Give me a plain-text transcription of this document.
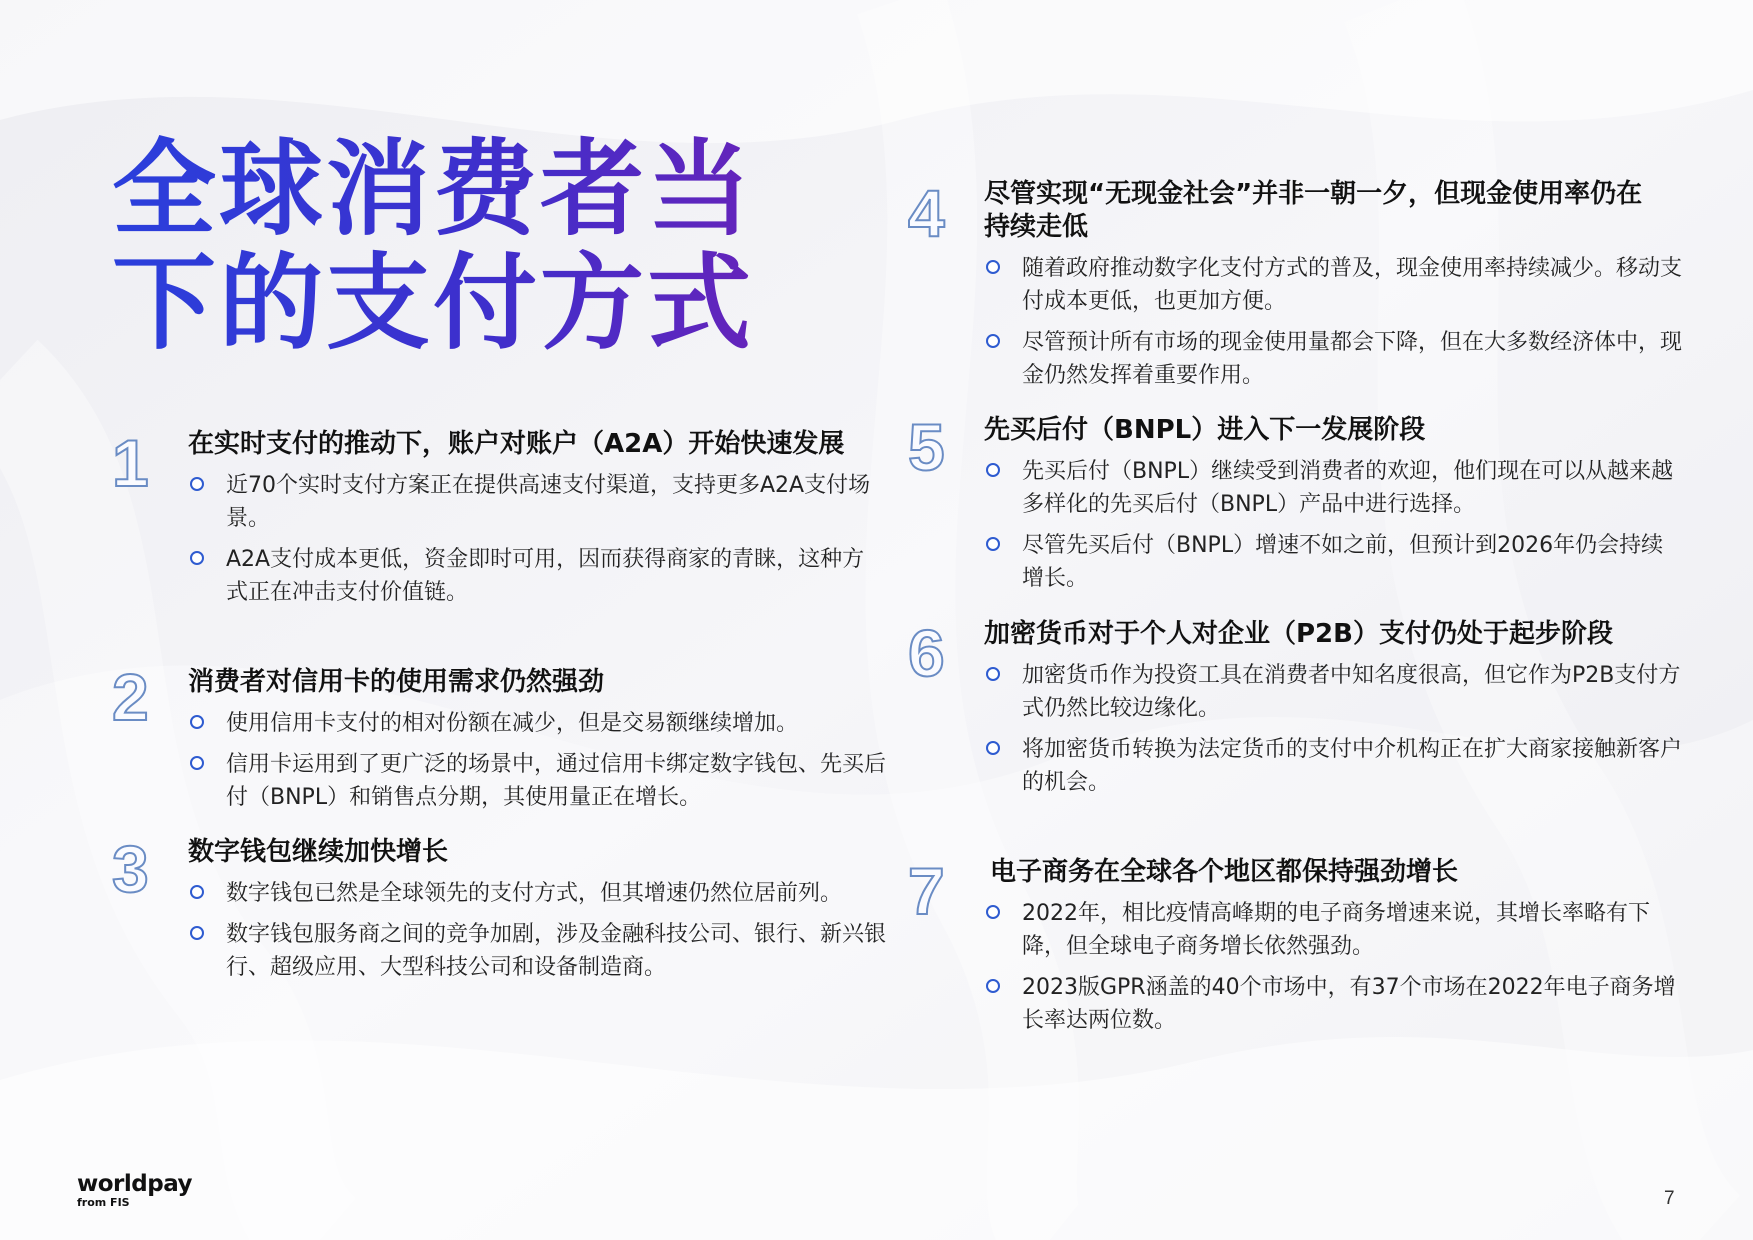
全球消费者当
下的支付方式
1 在实时支付的推动下，账户对账户（A2A）开始快速发展
近70个实时支付方案正在提供高速支付渠道，支持更多A2A支付场景。
A2A支付成本更低，资金即时可用，因而获得商家的青睐，这种方式正在冲击支付价值链。
2 消费者对信用卡的使用需求仍然强劲
使用信用卡支付的相对份额在减少，但是交易额继续增加。
信用卡运用到了更广泛的场景中，通过信用卡绑定数字钱包、先买后付（BNPL）和销售点分期，其使用量正在增长。
3 数字钱包继续加快增长
数字钱包已然是全球领先的支付方式，但其增速仍然位居前列。
数字钱包服务商之间的竞争加剧，涉及金融科技公司、银行、新兴银行、超级应用、大型科技公司和设备制造商。
4 尽管实现“无现金社会”并非一朝一夕，但现金使用率仍在持续走低
随着政府推动数字化支付方式的普及，现金使用率持续减少。移动支付成本更低，也更加方便。
尽管预计所有市场的现金使用量都会下降，但在大多数经济体中，现金仍然发挥着重要作用。
5 先买后付（BNPL）进入下一发展阶段
先买后付（BNPL）继续受到消费者的欢迎，他们现在可以从越来越多样化的先买后付（BNPL）产品中进行选择。
尽管先买后付（BNPL）增速不如之前，但预计到2026年仍会持续增长。
6 加密货币对于个人对企业（P2B）支付仍处于起步阶段
加密货币作为投资工具在消费者中知名度很高，但它作为P2B支付方式仍然比较边缘化。
将加密货币转换为法定货币的支付中介机构正在扩大商家接触新客户的机会。
7 电子商务在全球各个地区都保持强劲增长
2022年，相比疫情高峰期的电子商务增速来说，其增长率略有下降，但全球电子商务增长依然强劲。
2023版GPR涵盖的40个市场中，有37个市场在2022年电子商务增长率达两位数。
worldpay
from FIS	7
